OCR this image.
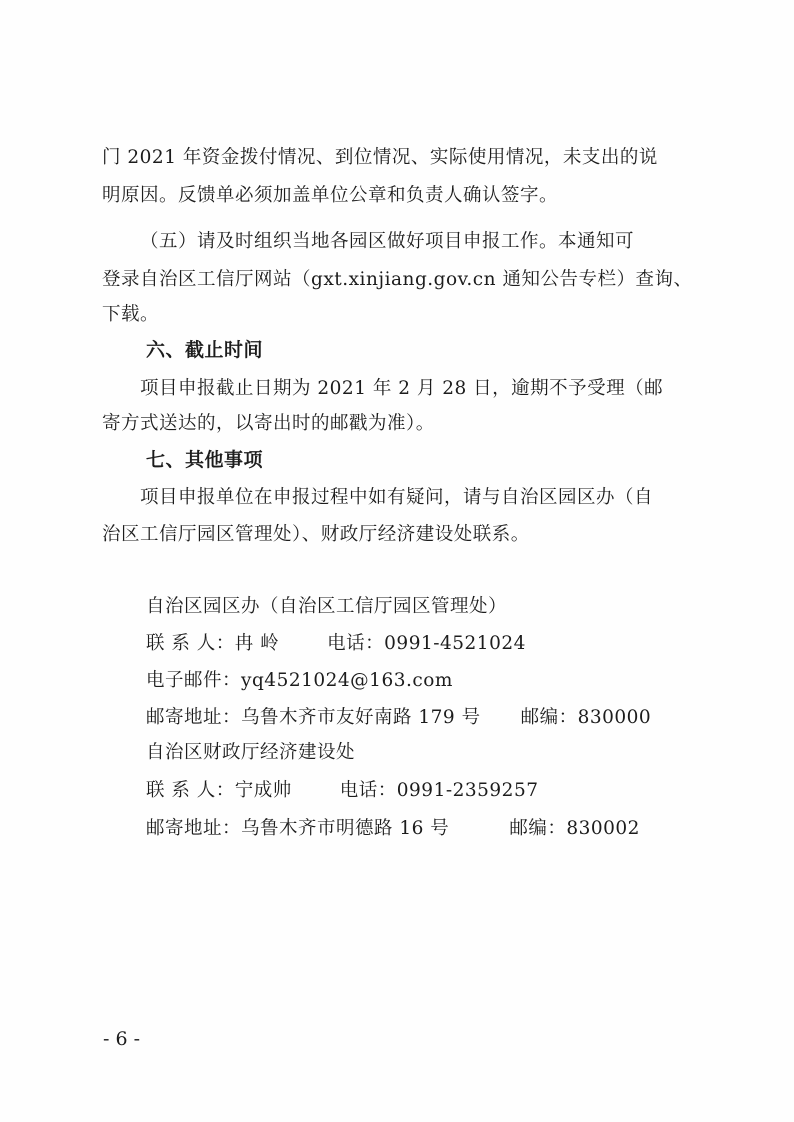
门 2021 年资金拨付情况、到位情况、实际使用情况，未支出的说
明原因。反馈单必须加盖单位公章和负责人确认签字。
（五）请及时组织当地各园区做好项目申报工作。本通知可
登录自治区工信厅网站（gxt.xinjiang.gov.cn 通知公告专栏）查询、
下载。
六、截止时间
项目申报截止日期为 2021 年 2 月 28 日，逾期不予受理（邮
寄方式送达的，以寄出时的邮戳为准）。
七、其他事项
项目申报单位在申报过程中如有疑问，请与自治区园区办（自
治区工信厅园区管理处）、财政厅经济建设处联系。
自治区园区办（自治区工信厅园区管理处）
联 系 人：冉 岭	电话：0991-4521024
电子邮件：yq4521024@163.com
邮寄地址：乌鲁木齐市友好南路 179 号 邮编：830000
自治区财政厅经济建设处
联 系 人：宁成帅	电话：0991-2359257
邮寄地址：乌鲁木齐市明德路 16 号	邮编：830002
- 6 -
